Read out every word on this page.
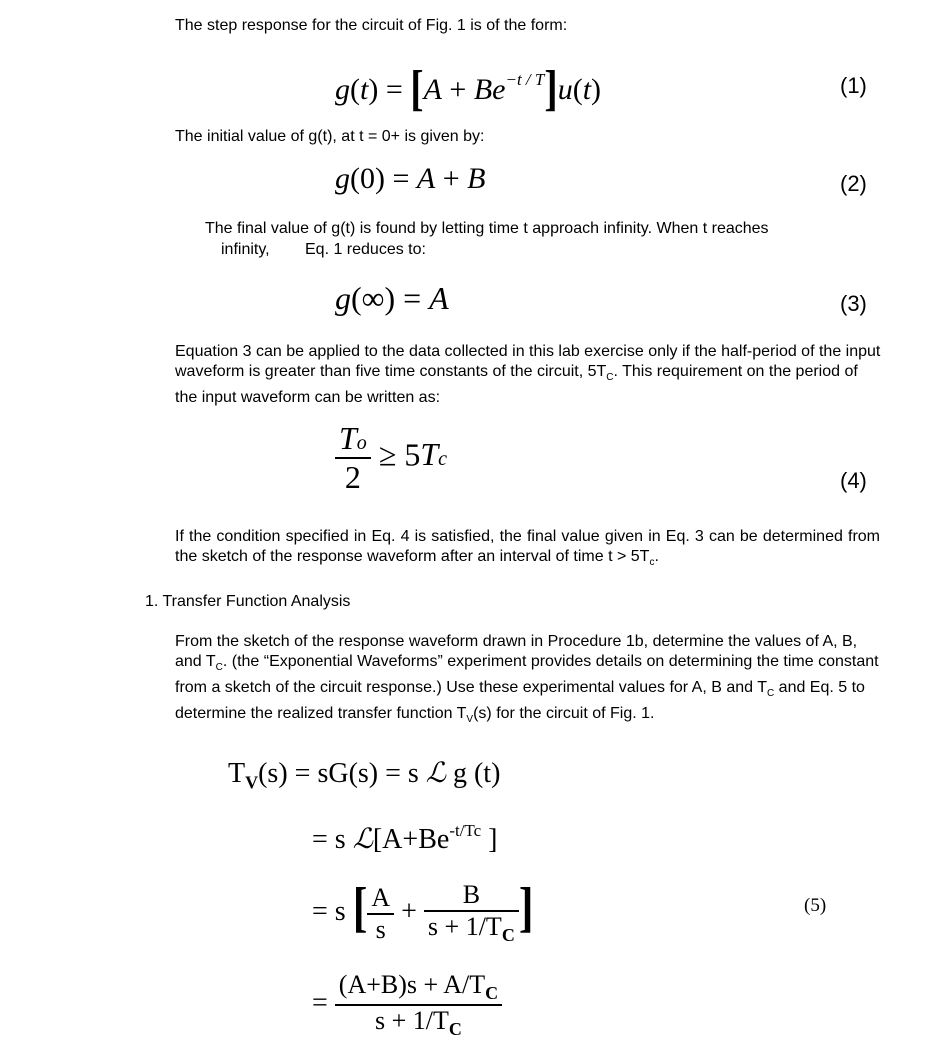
The step response for the circuit of Fig. 1 is of the form:

$g(t) = [A + Be^{-t / T}]u(t)$	(1)

The initial value of g(t), at t = 0+ is given by:

g(0) = A + B	(2)

The final value of g(t) is found by letting time t approach infinity. When t reaches

infinity, Eq. 1 reduces to:

g(∞) = A	(3)

Equation 3 can be applied to the data collected in this lab exercise only if the half-period of the input waveform is greater than five time constants of the circuit, $5T_C$. This requirement on the period of the input waveform can be written as:

$\frac{To}{2} \ge 5Tc$
(4)

If the condition specified in Eq. 4 is satisfied, the final value given in Eq. 3 can be determined from the sketch of the response waveform after an interval of time $t > 5T_c$.

1. Transfer Function Analysis

From the sketch of the response waveform drawn in Procedure 1b, determine the values of A, B, and $T_C$. (the “Exponential Waveforms” experiment provides details on determining the time constant from a sketch of the circuit response.) Use these experimental values for A, B and $T_C$ and Eq. 5 to determine the realized transfer function $T_V(s)$ for the circuit of Fig. 1.

$T_V(s) = sG(s) = s$ ℒ g (t)
= s $ℒ[A+Be^{-t/Tc}$ ]
= s [ $\frac{A}{s} + \frac{B}{s + 1/T_C}$ ]	(5)
= $\frac{(A+B)s + A/T_C}{s + 1/T_C}$
